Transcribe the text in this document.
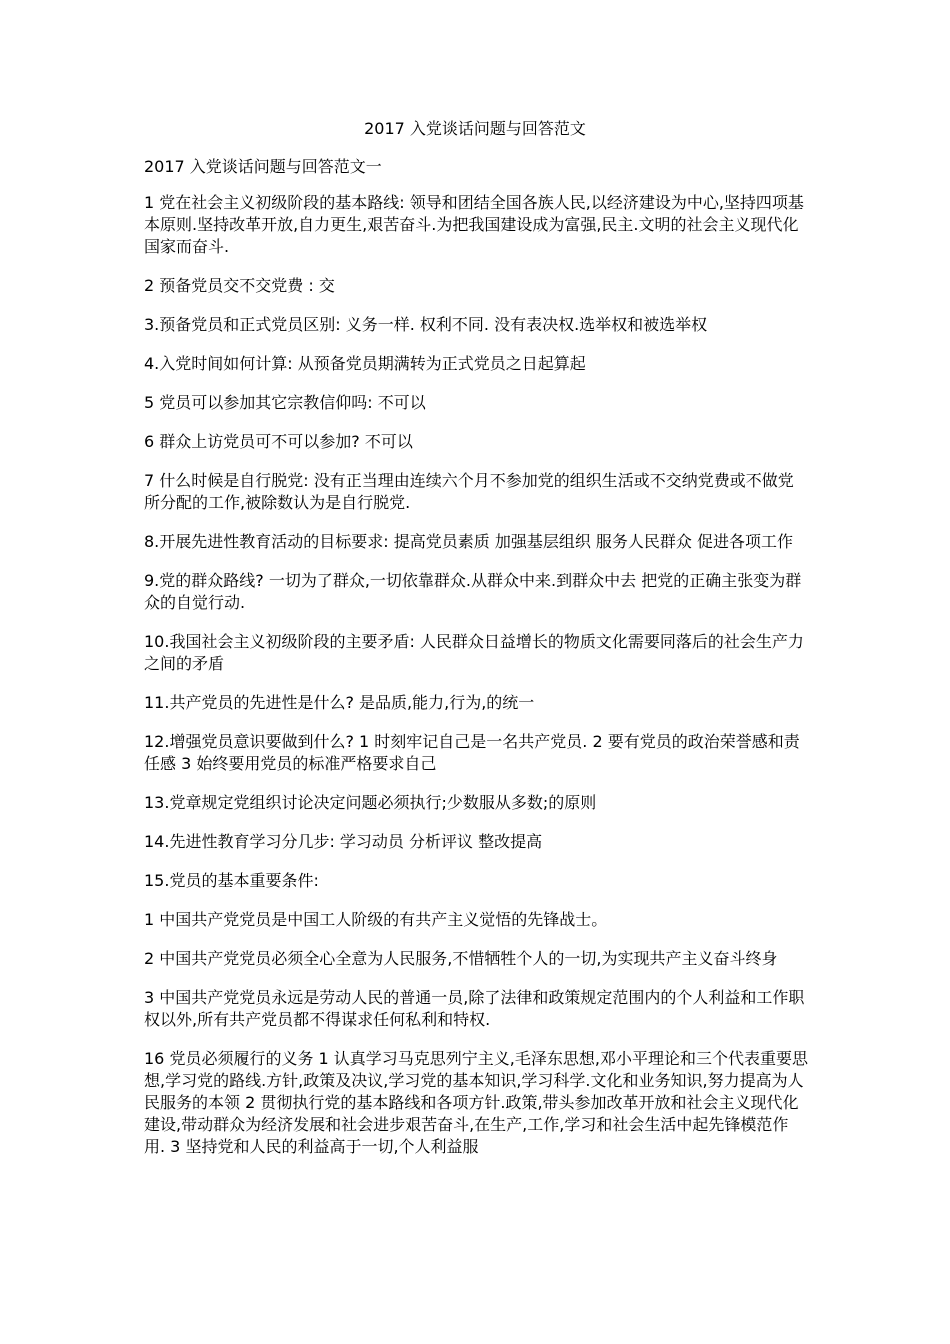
2017 入党谈话问题与回答范文
2017 入党谈话问题与回答范文一
1 党在社会主义初级阶段的基本路线: 领导和团结全国各族人民,以经济建设为中心,坚持四项基本原则.坚持改革开放,自力更生,艰苦奋斗.为把我国建设成为富强,民主.文明的社会主义现代化国家而奋斗.
2 预备党员交不交党费 : 交
3.预备党员和正式党员区别: 义务一样. 权利不同. 没有表决权.选举权和被选举权
4.入党时间如何计算: 从预备党员期满转为正式党员之日起算起
5 党员可以参加其它宗教信仰吗: 不可以
6 群众上访党员可不可以参加? 不可以
7 什么时候是自行脱党: 没有正当理由连续六个月不参加党的组织生活或不交纳党费或不做党所分配的工作,被除数认为是自行脱党.
8.开展先进性教育活动的目标要求: 提高党员素质 加强基层组织 服务人民群众 促进各项工作
9.党的群众路线? 一切为了群众,一切依靠群众.从群众中来.到群众中去 把党的正确主张变为群众的自觉行动.
10.我国社会主义初级阶段的主要矛盾: 人民群众日益增长的物质文化需要同落后的社会生产力之间的矛盾
11.共产党员的先进性是什么? 是品质,能力,行为,的统一
12.增强党员意识要做到什么? 1 时刻牢记自己是一名共产党员. 2 要有党员的政治荣誉感和责任感 3 始终要用党员的标准严格要求自己
13.党章规定党组织讨论决定问题必须执行;少数服从多数;的原则
14.先进性教育学习分几步: 学习动员 分析评议 整改提高
15.党员的基本重要条件:
1 中国共产党党员是中国工人阶级的有共产主义觉悟的先锋战士。
2 中国共产党党员必须全心全意为人民服务,不惜牺牲个人的一切,为实现共产主义奋斗终身
3 中国共产党党员永远是劳动人民的普通一员,除了法律和政策规定范围内的个人利益和工作职权以外,所有共产党员都不得谋求任何私利和特权.
16 党员必须履行的义务 1 认真学习马克思列宁主义,毛泽东思想,邓小平理论和三个代表重要思想,学习党的路线.方针,政策及决议,学习党的基本知识,学习科学.文化和业务知识,努力提高为人民服务的本领 2 贯彻执行党的基本路线和各项方针.政策,带头参加改革开放和社会主义现代化建设,带动群众为经济发展和社会进步艰苦奋斗,在生产,工作,学习和社会生活中起先锋模范作用. 3 坚持党和人民的利益高于一切,个人利益服
